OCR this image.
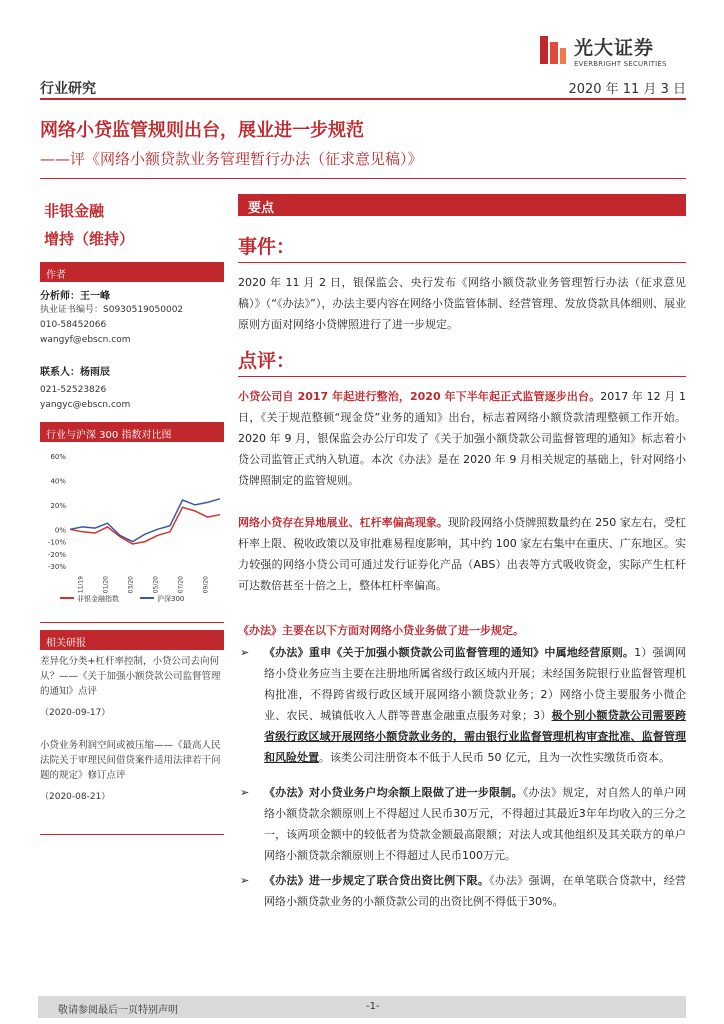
光大证券
EVERBRIGHT SECURITIES
行业研究	2020 年 11 月 3 日
网络小贷监管规则出台，展业进一步规范
——评《网络小额贷款业务管理暂行办法（征求意见稿）》
非银金融
增持（维持）
作者
分析师：王一峰
执业证书编号：S0930519050002
010-58452066
wangyf@ebscn.com
联系人：杨雨辰
021-52523826
yangyc@ebscn.com
行业与沪深 300 指数对比图
60%
40%
20%
0%
-10%
-20%
-30%
11/19	01/20	03/20	05/20	07/20	09/20
非银金融指数	沪深300
相关研报
差异化分类+杠杆率控制，小贷公司去向何从？——《关于加强小额贷款公司监督管理的通知》点评
（2020-09-17）
小贷业务利润空间或被压缩——《最高人民法院关于审理民间借贷案件适用法律若干问题的规定》修订点评
（2020-08-21）
要点
事件：
2020 年 11 月 2 日，银保监会、央行发布《网络小额贷款业务管理暂行办法（征求意见稿）》（“《办法》”），办法主要内容在网络小贷监管体制、经营管理、发放贷款具体细则、展业原则方面对网络小贷牌照进行了进一步规定。
点评：
小贷公司自 2017 年起进行整治，2020 年下半年起正式监管逐步出台。2017 年 12 月 1 日，《关于规范整顿“现金贷”业务的通知》出台，标志着网络小额贷款清理整顿工作开始。2020 年 9 月，银保监会办公厅印发了《关于加强小额贷款公司监督管理的通知》标志着小贷公司监管正式纳入轨道。本次《办法》是在 2020 年 9 月相关规定的基础上，针对网络小贷牌照制定的监管规则。
网络小贷存在异地展业、杠杆率偏高现象。现阶段网络小贷牌照数量约在 250 家左右，受杠杆率上限、税收政策以及审批难易程度影响，其中约 100 家左右集中在重庆、广东地区。实力较强的网络小贷公司可通过发行证券化产品（ABS）出表等方式吸收资金，实际产生杠杆可达数倍甚至十倍之上，整体杠杆率偏高。
《办法》主要在以下方面对网络小贷业务做了进一步规定。
➢ 《办法》重申《关于加强小额贷款公司监督管理的通知》中属地经营原则。1）强调网络小贷业务应当主要在注册地所属省级行政区域内开展；未经国务院银行业监督管理机构批准，不得跨省级行政区域开展网络小额贷款业务；2）网络小贷主要服务小微企业、农民、城镇低收入人群等普惠金融重点服务对象；3）极个别小额贷款公司需要跨省级行政区域开展网络小额贷款业务的，需由银行业监督管理机构审查批准、监督管理和风险处置。该类公司注册资本不低于人民币 50 亿元，且为一次性实缴货币资本。
➢ 《办法》对小贷业务户均余额上限做了进一步限制。《办法》规定，对自然人的单户网络小额贷款余额原则上不得超过人民币30万元，不得超过其最近3年年均收入的三分之一，该两项金额中的较低者为贷款金额最高限额；对法人或其他组织及其关联方的单户网络小额贷款余额原则上不得超过人民币100万元。
➢ 《办法》进一步规定了联合贷出资比例下限。《办法》强调，在单笔联合贷款中，经营网络小额贷款业务的小额贷款公司的出资比例不得低于30%。
敬请参阅最后一页特别声明	-1-
